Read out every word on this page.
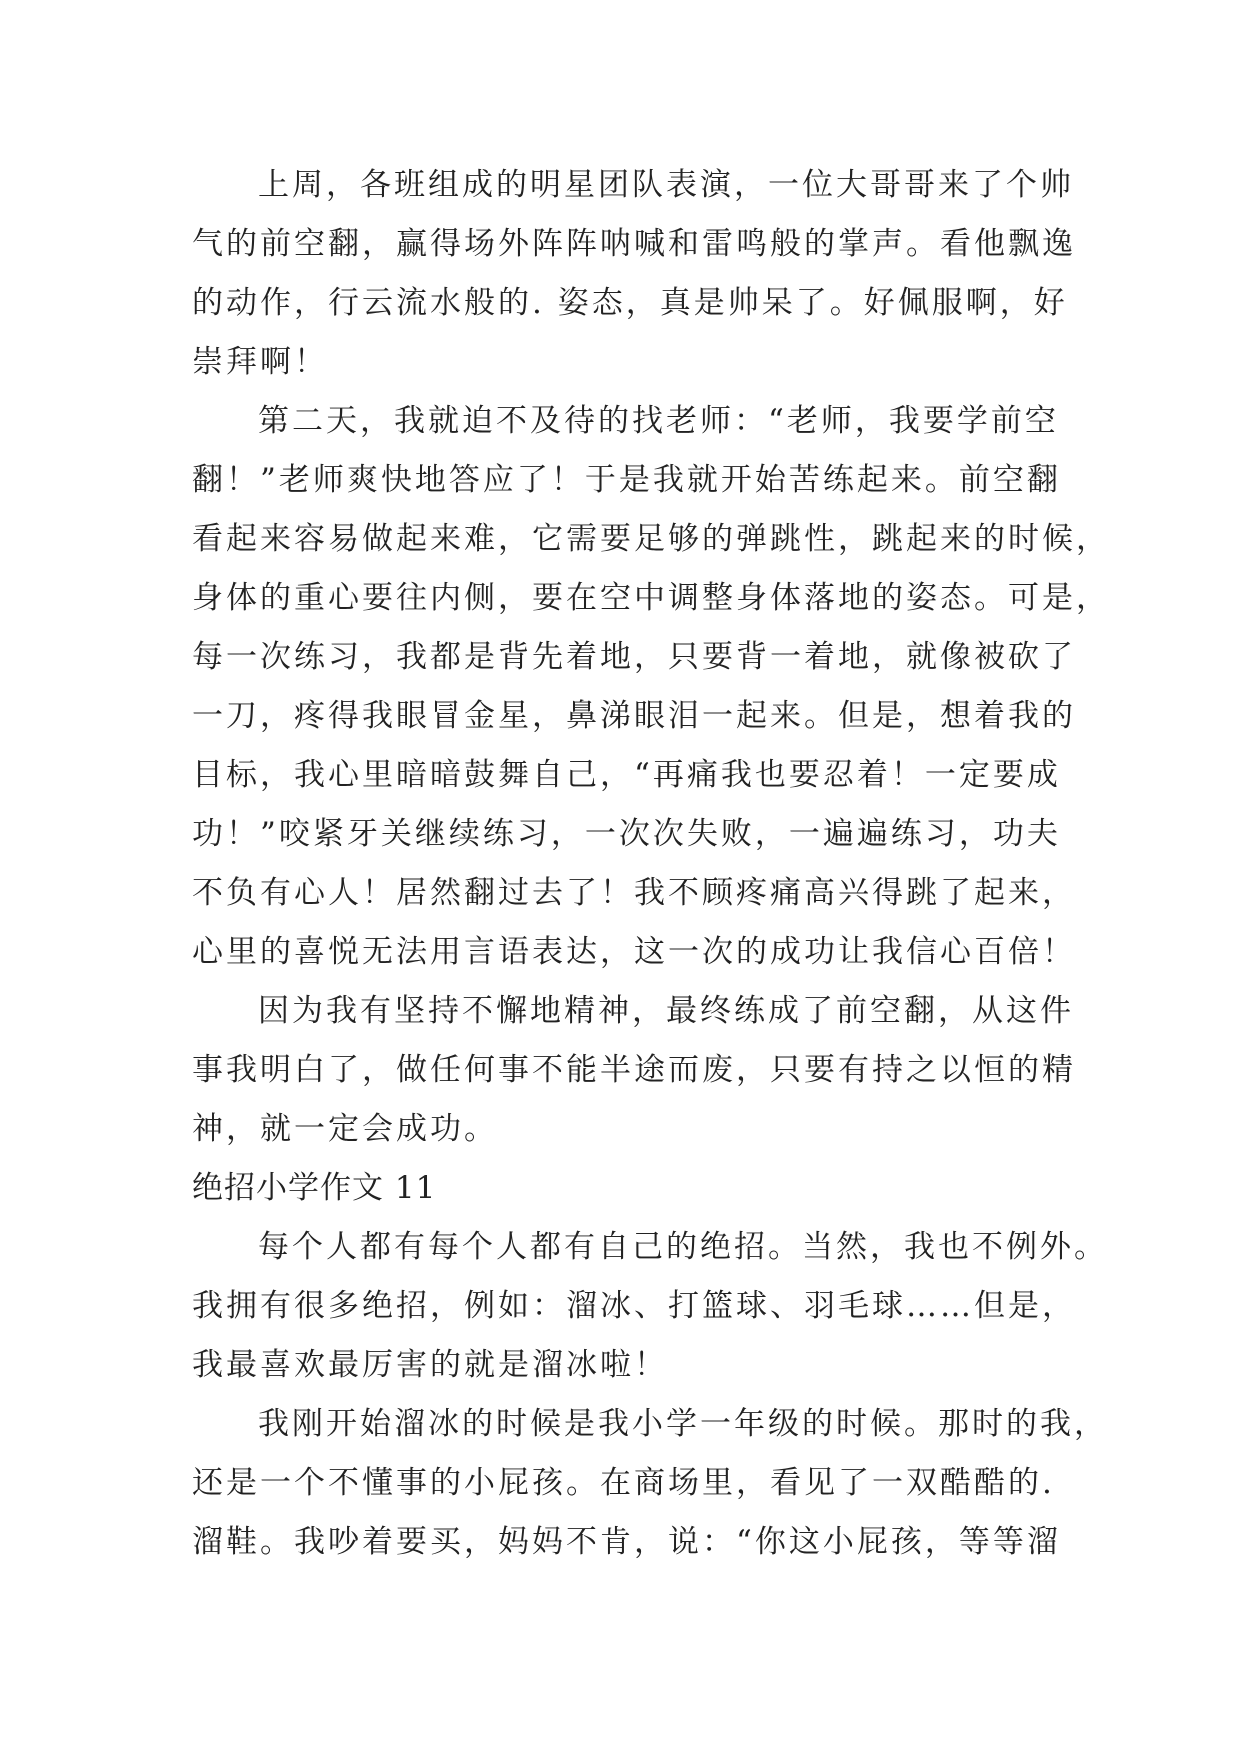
上周，各班组成的明星团队表演，一位大哥哥来了个帅
气的前空翻，赢得场外阵阵呐喊和雷鸣般的掌声。看他飘逸
的动作，行云流水般的. 姿态，真是帅呆了。好佩服啊，好
崇拜啊！
第二天，我就迫不及待的找老师：“老师，我要学前空
翻！”老师爽快地答应了！于是我就开始苦练起来。前空翻
看起来容易做起来难，它需要足够的弹跳性，跳起来的时候，
身体的重心要往内侧，要在空中调整身体落地的姿态。可是，
每一次练习，我都是背先着地，只要背一着地，就像被砍了
一刀，疼得我眼冒金星，鼻涕眼泪一起来。但是，想着我的
目标，我心里暗暗鼓舞自己，“再痛我也要忍着！一定要成
功！”咬紧牙关继续练习，一次次失败，一遍遍练习，功夫
不负有心人！居然翻过去了！我不顾疼痛高兴得跳了起来，
心里的喜悦无法用言语表达，这一次的成功让我信心百倍！
因为我有坚持不懈地精神，最终练成了前空翻，从这件
事我明白了，做任何事不能半途而废，只要有持之以恒的精
神，就一定会成功。
绝招小学作文 11
每个人都有每个人都有自己的绝招。当然，我也不例外。
我拥有很多绝招，例如：溜冰、打篮球、羽毛球……但是，
我最喜欢最厉害的就是溜冰啦！
我刚开始溜冰的时候是我小学一年级的时候。那时的我，
还是一个不懂事的小屁孩。在商场里，看见了一双酷酷的.
溜鞋。我吵着要买，妈妈不肯，说：“你这小屁孩，等等溜
